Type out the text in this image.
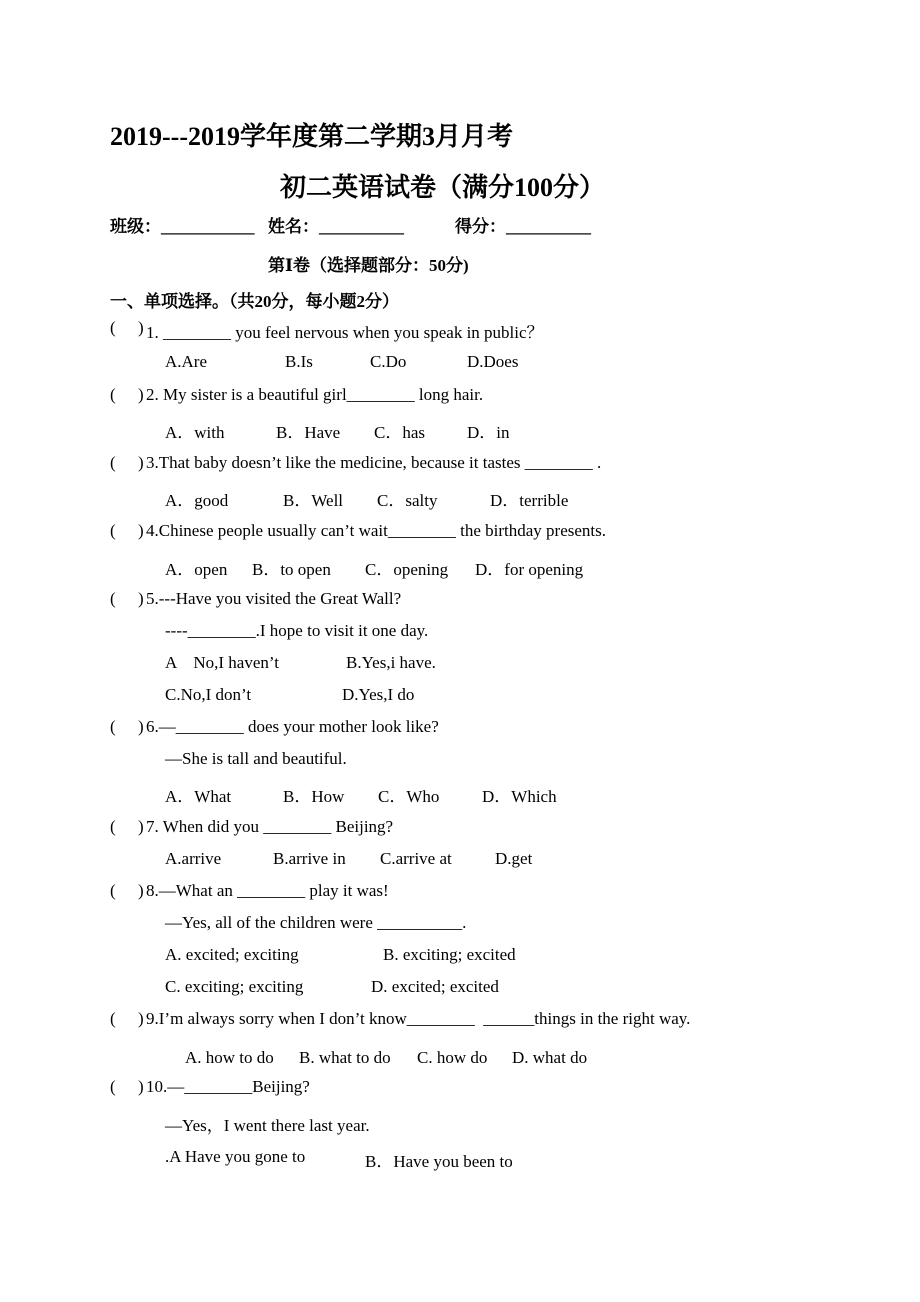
2019---2019学年度第二学期3月月考
初二英语试卷（满分100分）
班级：___________ 姓名：__________	得分：__________
第Ⅰ卷（选择题部分：50分)
一、单项选择。（共20分，每小题2分）
( ) 1. ________ you feel nervous when you speak in public？
A.Are	B.Is	C.Do	D.Does
( ) 2. My sister is a beautiful girl________ long hair.
A．with	B．Have C．has D．in
( ) 3.That baby doesn’t like the medicine, because it tastes ________ .
A．good	B．Well C．salty	D．terrible
( ) 4.Chinese people usually can’t wait________ the birthday presents.
A．open B．to open C．opening D．for opening
( ) 5.---Have you visited the Great Wall?
----________.I hope to visit it one day.
A    No,I haven’t	B.Yes,i have.
C.No,I don’t	D.Yes,I do
( ) 6.—________ does your mother look like?
—She is tall and beautiful.
A．What	B．How C．Who	D．Which
( ) 7. When did you ________ Beijing?
A.arrive	B.arrive in C.arrive at	D.get
( ) 8.—What an ________ play it was!
—Yes, all of the children were __________.
A. excited; exciting	B. exciting; excited
C. exciting; exciting	D. excited; excited
( ) 9.I’m always sorry when I don’t know________  ______things in the right way.
A. how to do B. what to do C. how do D. what do
( ) 10.—________Beijing?
—Yes，I went there last year.
.A Have you gone to	B．Have you been to
